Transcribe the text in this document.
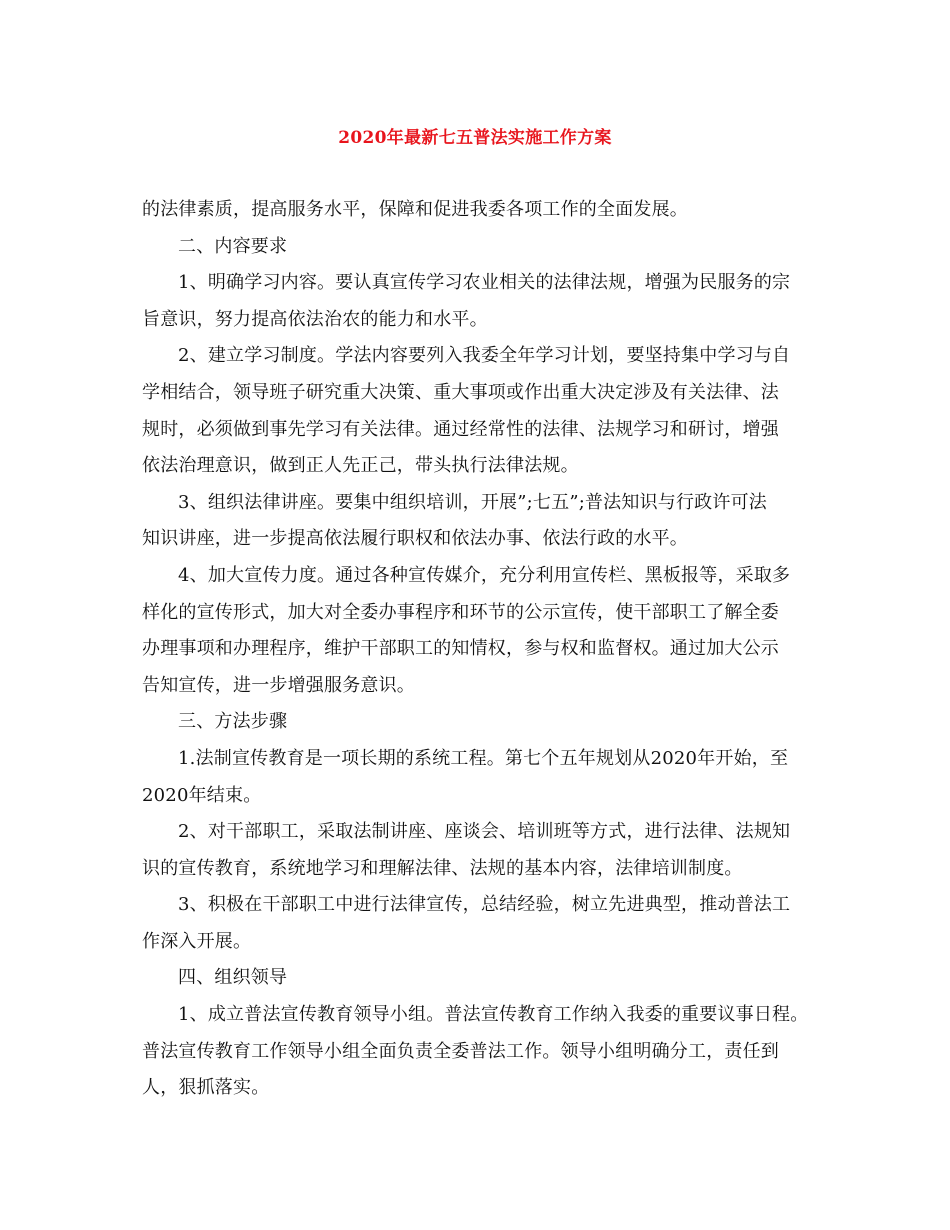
2020年最新七五普法实施工作方案
的法律素质，提高服务水平，保障和促进我委各项工作的全面发展。
二、内容要求
1、明确学习内容。要认真宣传学习农业相关的法律法规，增强为民服务的宗
旨意识，努力提高依法治农的能力和水平。
2、建立学习制度。学法内容要列入我委全年学习计划，要坚持集中学习与自
学相结合，领导班子研究重大决策、重大事项或作出重大决定涉及有关法律、法
规时，必须做到事先学习有关法律。通过经常性的法律、法规学习和研讨，增强
依法治理意识，做到正人先正己，带头执行法律法规。
3、组织法律讲座。要集中组织培训，开展”;七五”;普法知识与行政许可法
知识讲座，进一步提高依法履行职权和依法办事、依法行政的水平。
4、加大宣传力度。通过各种宣传媒介，充分利用宣传栏、黑板报等，采取多
样化的宣传形式，加大对全委办事程序和环节的公示宣传，使干部职工了解全委
办理事项和办理程序，维护干部职工的知情权，参与权和监督权。通过加大公示
告知宣传，进一步增强服务意识。
三、方法步骤
1.法制宣传教育是一项长期的系统工程。第七个五年规划从2020年开始，至
2020年结束。
2、对干部职工，采取法制讲座、座谈会、培训班等方式，进行法律、法规知
识的宣传教育，系统地学习和理解法律、法规的基本内容，法律培训制度。
3、积极在干部职工中进行法律宣传，总结经验，树立先进典型，推动普法工
作深入开展。
四、组织领导
1、成立普法宣传教育领导小组。普法宣传教育工作纳入我委的重要议事日程。
普法宣传教育工作领导小组全面负责全委普法工作。领导小组明确分工，责任到
人，狠抓落实。
